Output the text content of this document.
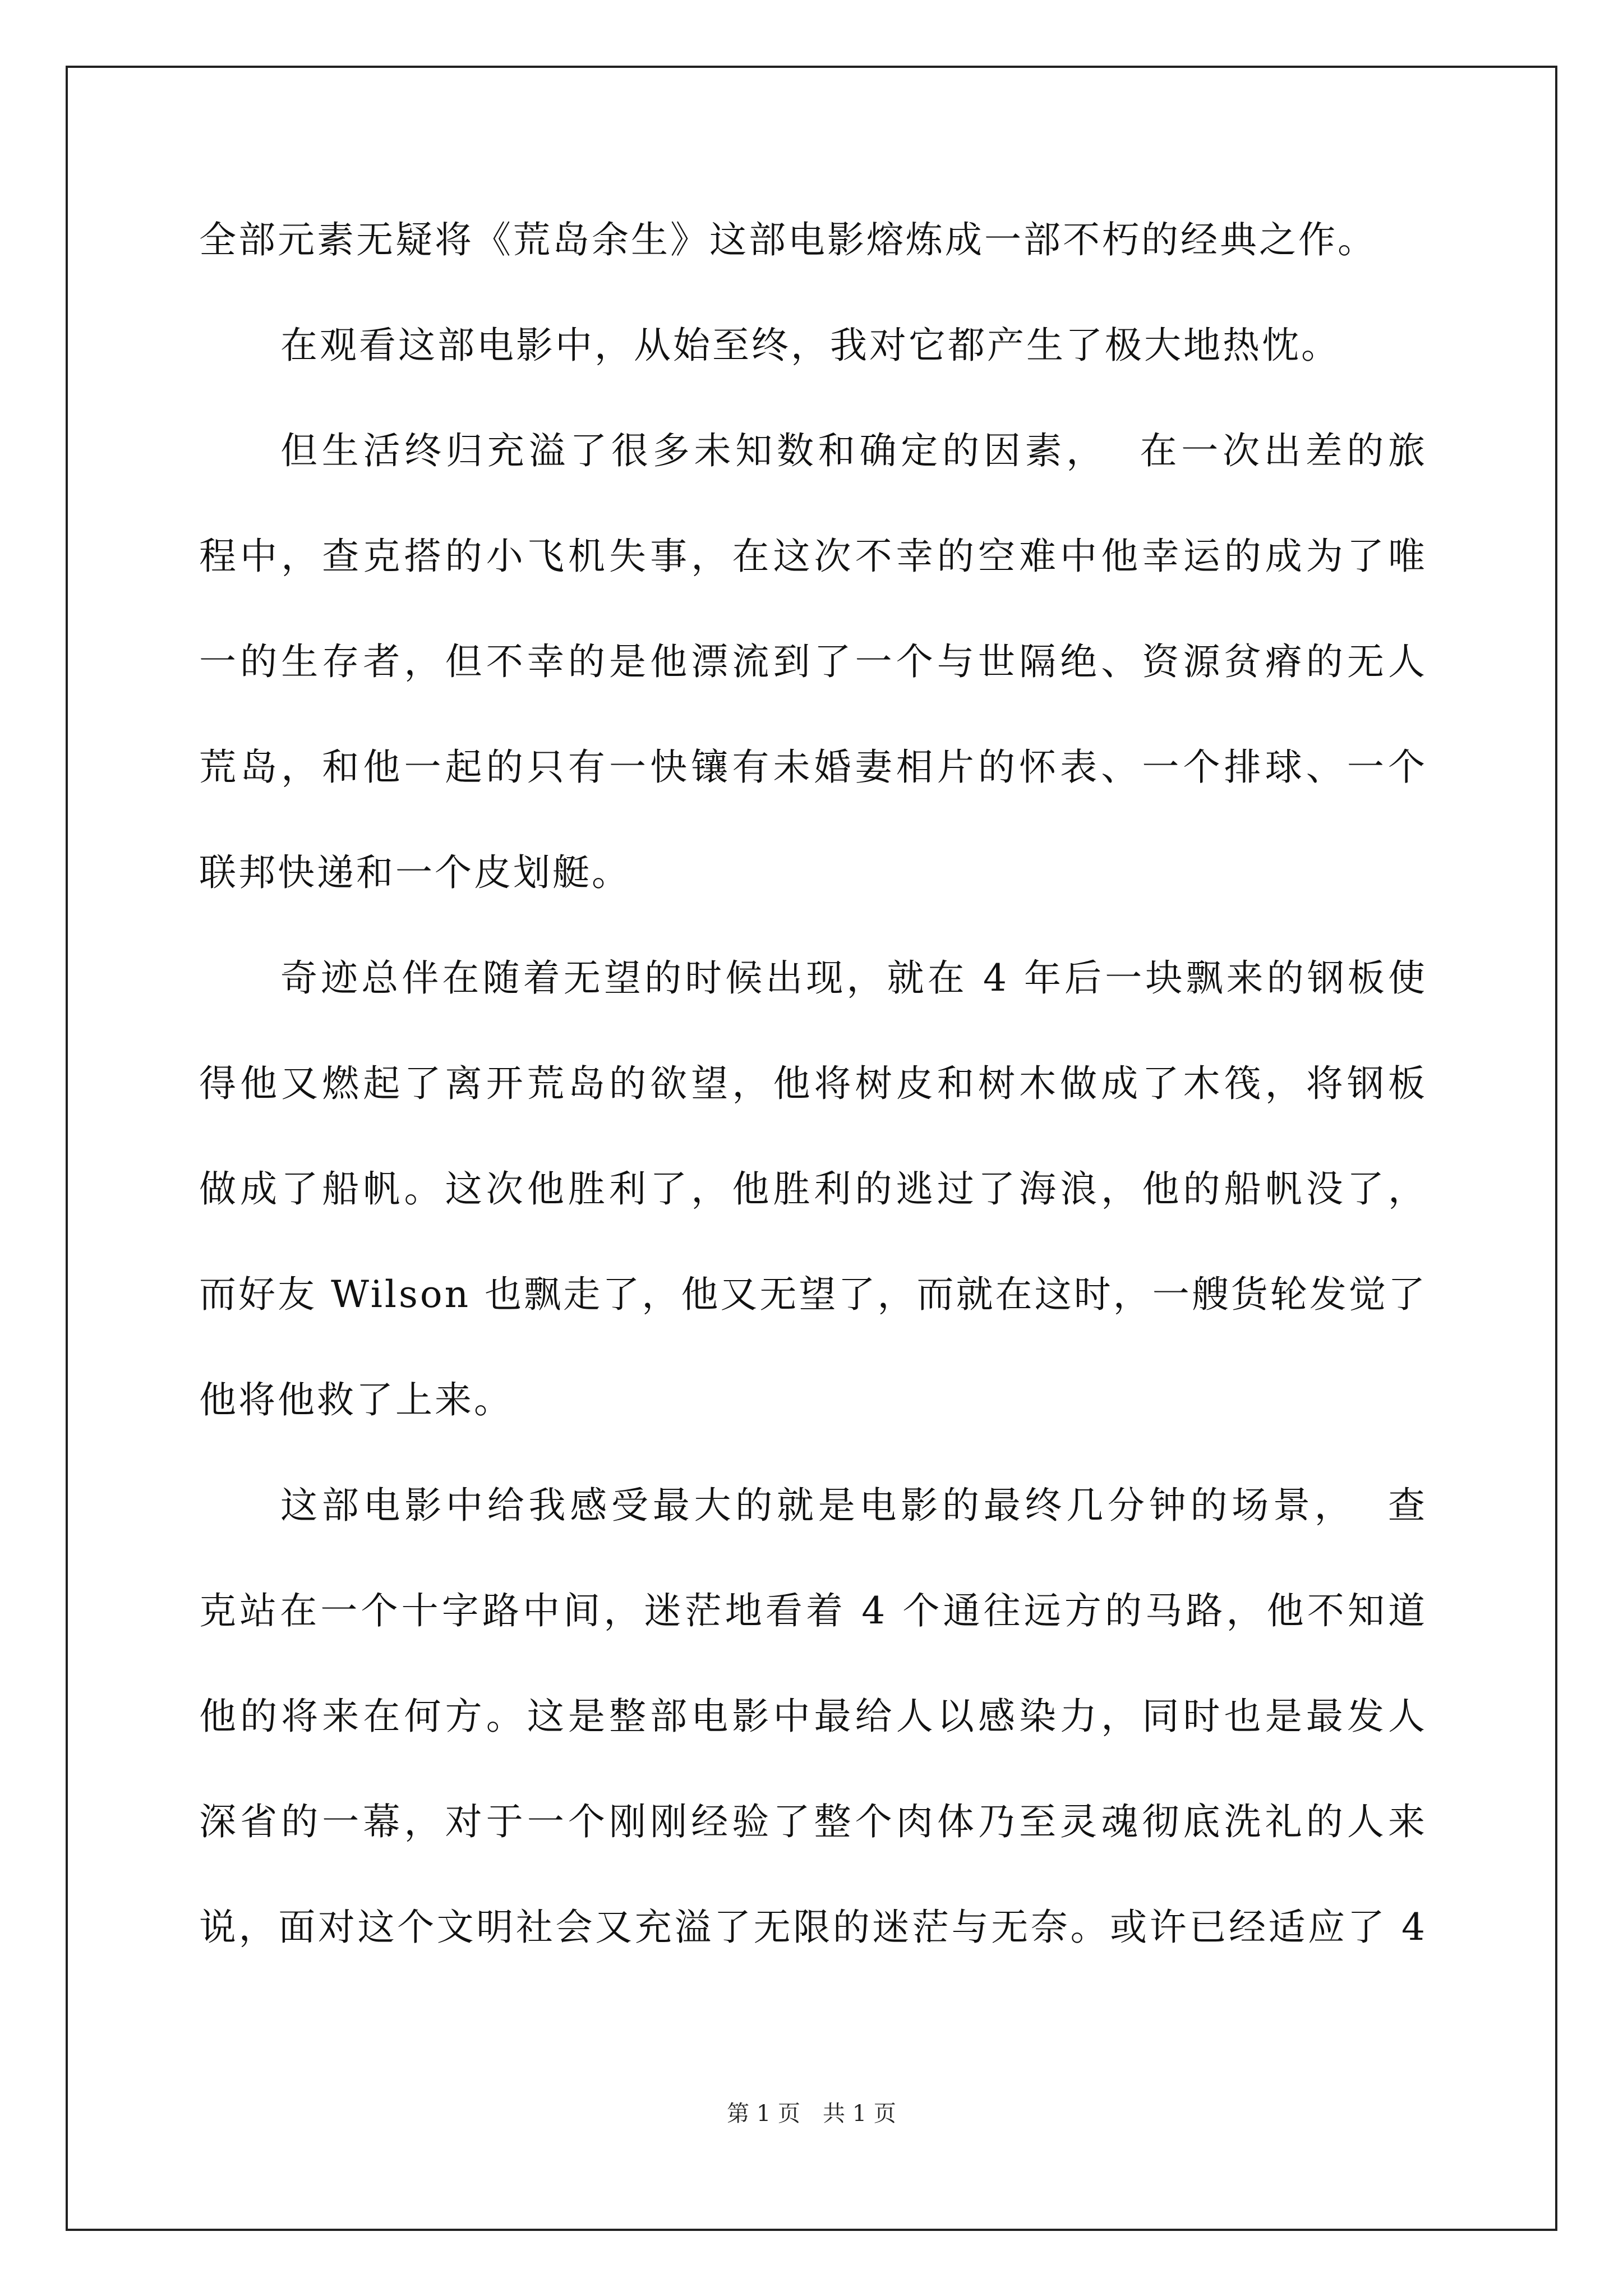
全部元素无疑将《荒岛余生》这部电影熔炼成一部不朽的经典之作。
在观看这部电影中，从始至终，我对它都产生了极大地热忱。
但生活终归充溢了很多未知数和确定的因素，  在一次出差的旅
程中，查克搭的小飞机失事，在这次不幸的空难中他幸运的成为了唯
一的生存者，但不幸的是他漂流到了一个与世隔绝、资源贫瘠的无人
荒岛，和他一起的只有一快镶有未婚妻相片的怀表、一个排球、一个
联邦快递和一个皮划艇。
奇迹总伴在随着无望的时候出现，就在 4 年后一块飘来的钢板使
得他又燃起了离开荒岛的欲望，他将树皮和树木做成了木筏，将钢板
做成了船帆。这次他胜利了，他胜利的逃过了海浪，他的船帆没了，
而好友 Wilson 也飘走了，他又无望了，而就在这时，一艘货轮发觉了
他将他救了上来。
这部电影中给我感受最大的就是电影的最终几分钟的场景，  查
克站在一个十字路中间，迷茫地看着 4 个通往远方的马路，他不知道
他的将来在何方。这是整部电影中最给人以感染力，同时也是最发人
深省的一幕，对于一个刚刚经验了整个肉体乃至灵魂彻底洗礼的人来
说，面对这个文明社会又充溢了无限的迷茫与无奈。或许已经适应了 4
第 1 页 共 1 页
